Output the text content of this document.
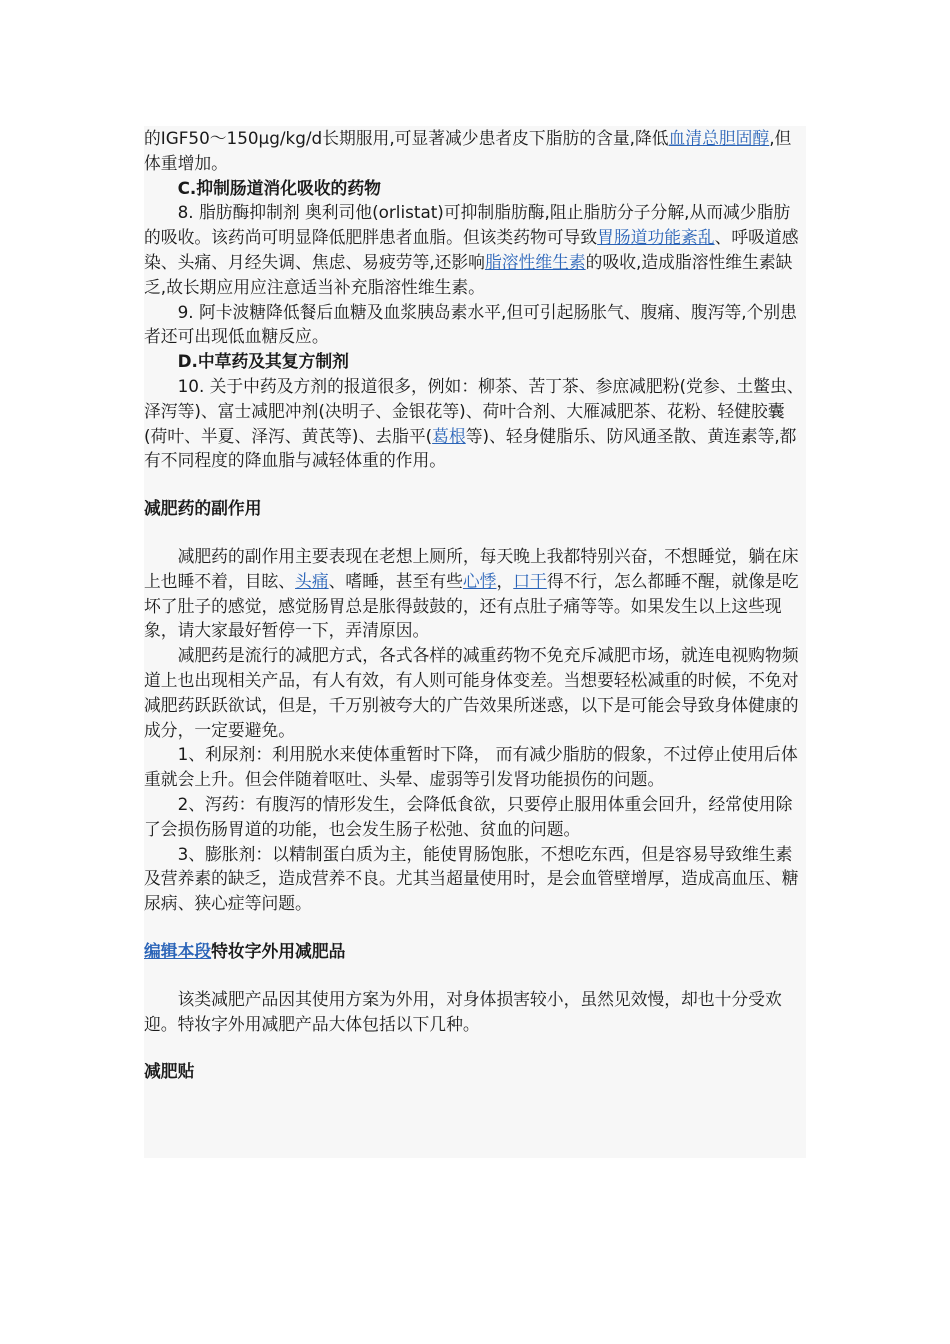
的IGF50～150μg/kg/d长期服用,可显著减少患者皮下脂肪的含量,降低血清总胆固醇,但体重增加。

C.抑制肠道消化吸收的药物

8. 脂肪酶抑制剂 奥利司他(orlistat)可抑制脂肪酶,阻止脂肪分子分解,从而减少脂肪的吸收。该药尚可明显降低肥胖患者血脂。但该类药物可导致胃肠道功能紊乱、呼吸道感染、头痛、月经失调、焦虑、易疲劳等,还影响脂溶性维生素的吸收,造成脂溶性维生素缺乏,故长期应用应注意适当补充脂溶性维生素。

9. 阿卡波糖降低餐后血糖及血浆胰岛素水平,但可引起肠胀气、腹痛、腹泻等,个别患者还可出现低血糖反应。

D.中草药及其复方制剂

10. 关于中药及方剂的报道很多，例如：柳茶、苦丁茶、参庶减肥粉(党参、土鳖虫、泽泻等)、富士减肥冲剂(决明子、金银花等)、荷叶合剂、大雁减肥茶、花粉、轻健胶囊(荷叶、半夏、泽泻、黄芪等)、去脂平(葛根等)、轻身健脂乐、防风通圣散、黄连素等,都有不同程度的降血脂与减轻体重的作用。

减肥药的副作用

减肥药的副作用主要表现在老想上厕所，每天晚上我都特别兴奋，不想睡觉，躺在床上也睡不着，目眩、头痛、嗜睡，甚至有些心悸，口干得不行，怎么都睡不醒，就像是吃坏了肚子的感觉，感觉肠胃总是胀得鼓鼓的，还有点肚子痛等等。如果发生以上这些现象，请大家最好暂停一下，弄清原因。

减肥药是流行的减肥方式，各式各样的减重药物不免充斥减肥市场，就连电视购物频道上也出现相关产品，有人有效，有人则可能身体变差。当想要轻松减重的时候，不免对减肥药跃跃欲试，但是，千万别被夸大的广告效果所迷惑，以下是可能会导致身体健康的成分，一定要避免。

1、利尿剂：利用脱水来使体重暂时下降， 而有减少脂肪的假象，不过停止使用后体重就会上升。但会伴随着呕吐、头晕、虚弱等引发肾功能损伤的问题。

2、泻药：有腹泻的情形发生，会降低食欲，只要停止服用体重会回升，经常使用除了会损伤肠胃道的功能，也会发生肠子松弛、贫血的问题。

3、膨胀剂：以精制蛋白质为主，能使胃肠饱胀，不想吃东西，但是容易导致维生素及营养素的缺乏，造成营养不良。尤其当超量使用时，是会血管壁增厚，造成高血压、糖尿病、狭心症等问题。

编辑本段特妆字外用减肥品

该类减肥产品因其使用方案为外用，对身体损害较小，虽然见效慢，却也十分受欢迎。特妆字外用减肥产品大体包括以下几种。

减肥贴
